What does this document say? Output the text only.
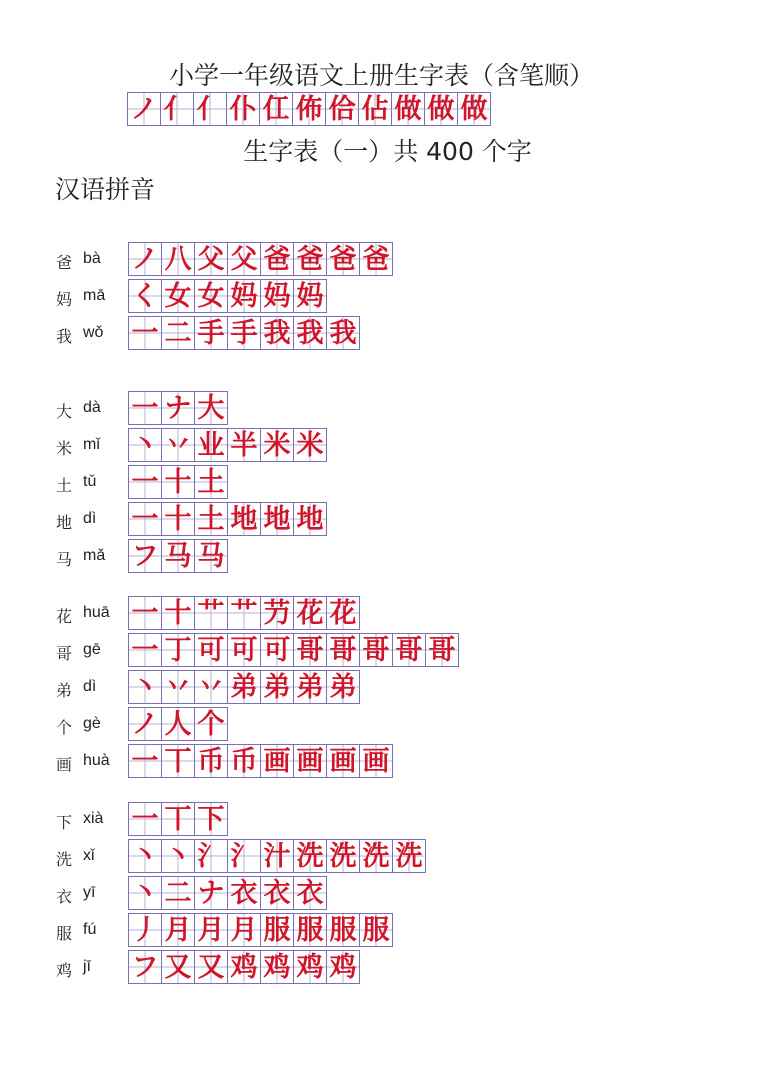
小学一年级语文上册生字表（含笔顺）
ノ 亻 亻 仆 仜 佈 佮 佔 做 做 做
生字表（一）共 400 个字
汉语拼音
爸 bà ノ 八 父 父 爸 爸 爸 爸
妈 mā く 女 女 妈 妈 妈
我 wǒ 一 二 手 手 我 我 我
大 dà 一 ナ 大
米 mǐ 丶 丷 业 半 米 米
土 tǔ 一 十 土
地 dì 一 十 土 地 地 地
马 mǎ フ 马 马
花 huā 一 十 艹 艹 芀 花 花
哥 gē 一 丁 可 可 可 哥 哥 哥 哥 哥
弟 dì 丶 丷 丷 弟 弟 弟 弟
个 gè ノ 人 个
画 huà 一 丅 币 币 画 画 画 画
下 xià 一 丅 下
洗 xǐ 丶 丶 氵 氵 汁 洗 洗 洗 洗
衣 yī 丶 二 ナ 衣 衣 衣
服 fú 丿 月 月 月 服 服 服 服
鸡 jī フ 又 又 鸡 鸡 鸡 鸡
